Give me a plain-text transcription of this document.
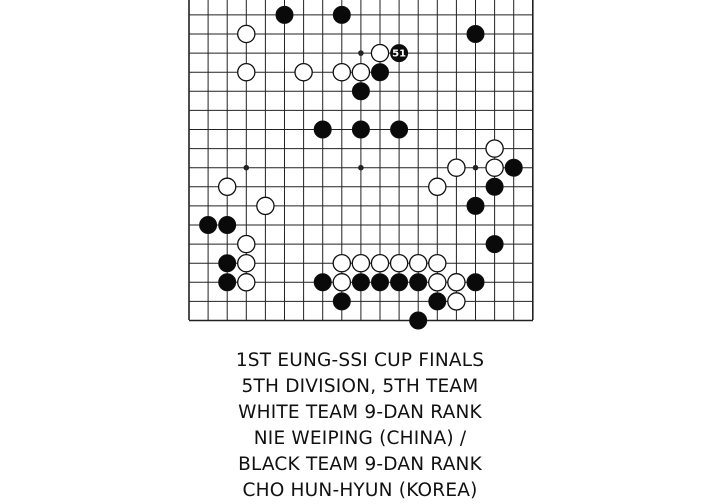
51
1ST EUNG-SSI CUP FINALS
5TH DIVISION, 5TH TEAM
WHITE TEAM 9-DAN RANK
NIE WEIPING (CHINA) /
BLACK TEAM 9-DAN RANK
CHO HUN-HYUN (KOREA)
